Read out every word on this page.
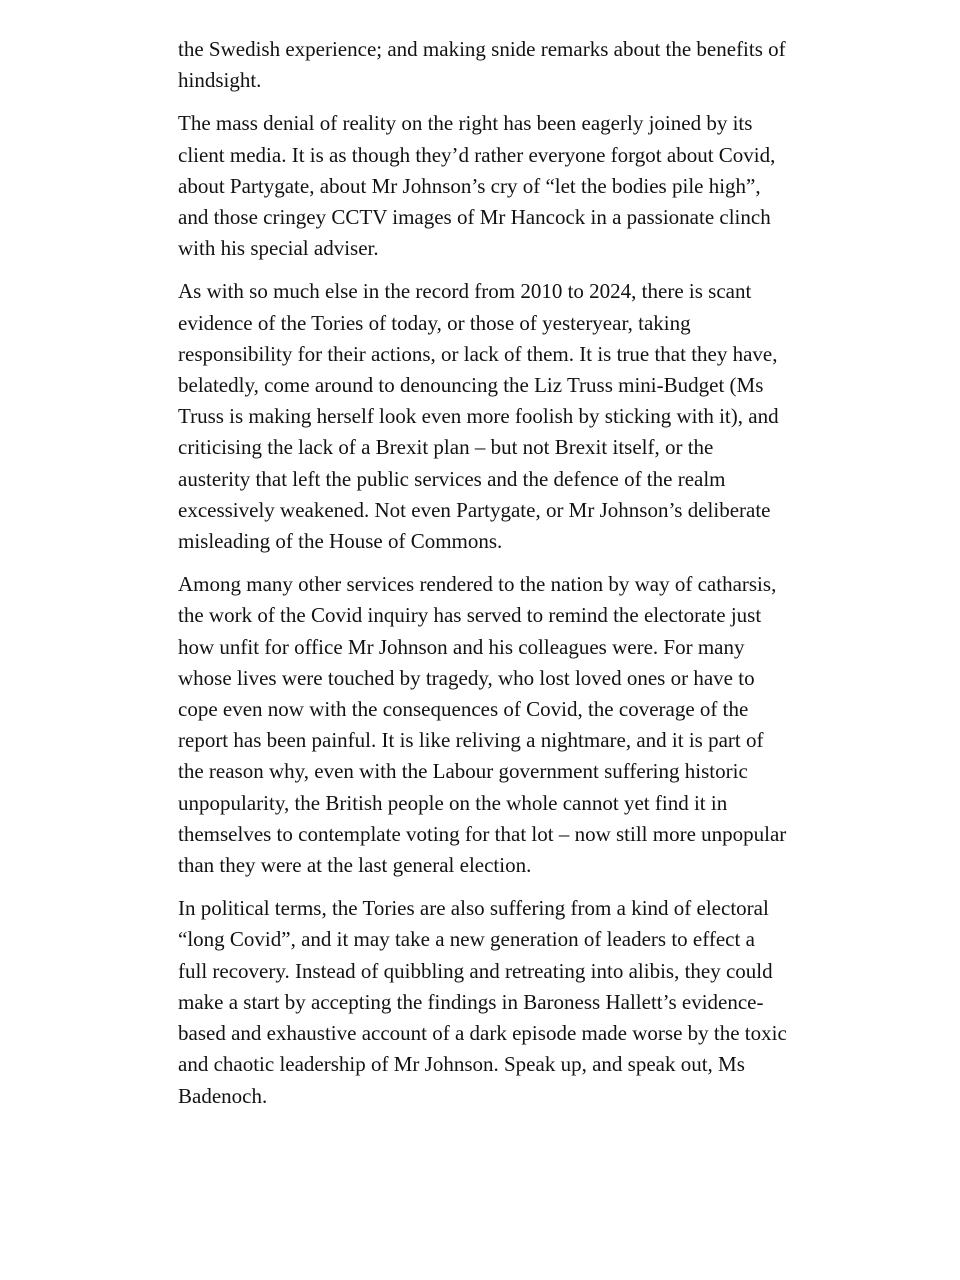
the Swedish experience; and making snide remarks about the benefits of hindsight.

The mass denial of reality on the right has been eagerly joined by its client media. It is as though they’d rather everyone forgot about Covid, about Partygate, about Mr Johnson’s cry of “let the bodies pile high”, and those cringey CCTV images of Mr Hancock in a passionate clinch with his special adviser.

As with so much else in the record from 2010 to 2024, there is scant evidence of the Tories of today, or those of yesteryear, taking responsibility for their actions, or lack of them. It is true that they have, belatedly, come around to denouncing the Liz Truss mini-Budget (Ms Truss is making herself look even more foolish by sticking with it), and criticising the lack of a Brexit plan – but not Brexit itself, or the austerity that left the public services and the defence of the realm excessively weakened. Not even Partygate, or Mr Johnson’s deliberate misleading of the House of Commons.

Among many other services rendered to the nation by way of catharsis, the work of the Covid inquiry has served to remind the electorate just how unfit for office Mr Johnson and his colleagues were. For many whose lives were touched by tragedy, who lost loved ones or have to cope even now with the consequences of Covid, the coverage of the report has been painful. It is like reliving a nightmare, and it is part of the reason why, even with the Labour government suffering historic unpopularity, the British people on the whole cannot yet find it in themselves to contemplate voting for that lot – now still more unpopular than they were at the last general election.

In political terms, the Tories are also suffering from a kind of electoral “long Covid”, and it may take a new generation of leaders to effect a full recovery. Instead of quibbling and retreating into alibis, they could make a start by accepting the findings in Baroness Hallett’s evidence-based and exhaustive account of a dark episode made worse by the toxic and chaotic leadership of Mr Johnson. Speak up, and speak out, Ms Badenoch.
